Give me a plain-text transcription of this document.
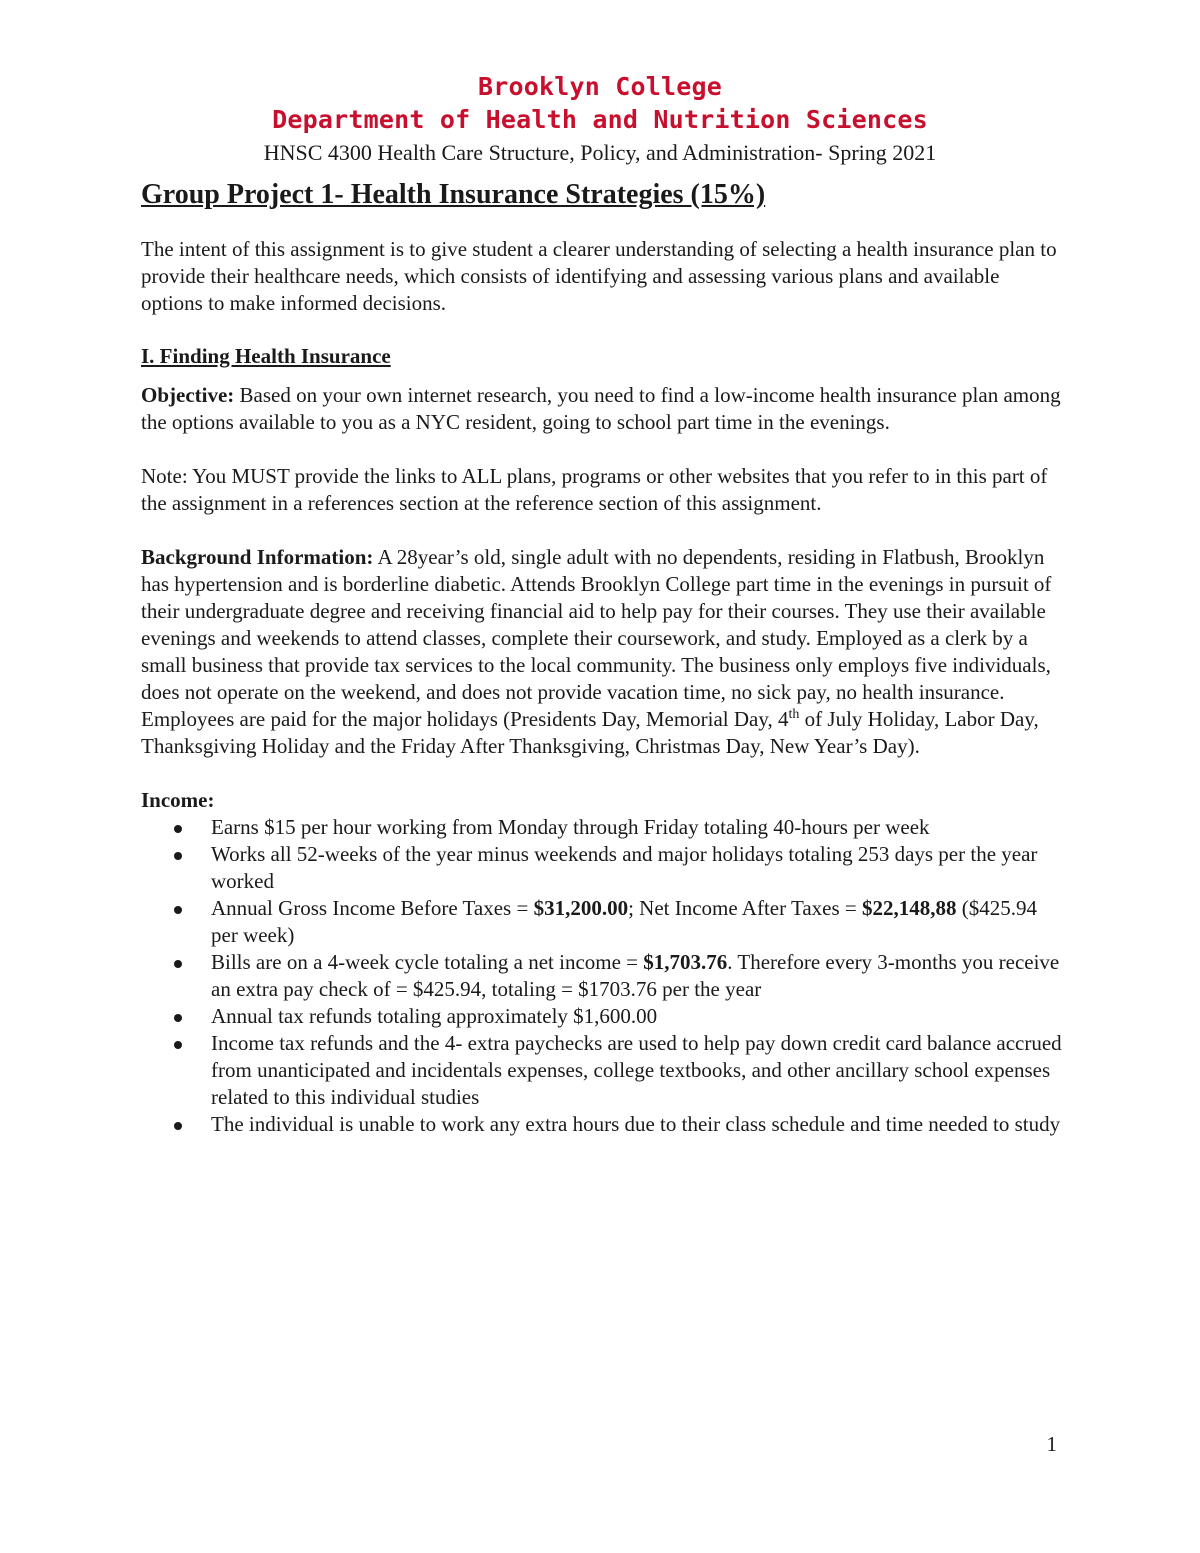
Brooklyn College
Department of Health and Nutrition Sciences
HNSC 4300 Health Care Structure, Policy, and Administration- Spring 2021
Group Project 1- Health Insurance Strategies (15%)

The intent of this assignment is to give student a clearer understanding of selecting a health insurance plan to provide their healthcare needs, which consists of identifying and assessing various plans and available options to make informed decisions.

I. Finding Health Insurance

Objective: Based on your own internet research, you need to find a low-income health insurance plan among the options available to you as a NYC resident, going to school part time in the evenings.

Note: You MUST provide the links to ALL plans, programs or other websites that you refer to in this part of the assignment in a references section at the reference section of this assignment.

Background Information: A 28year’s old, single adult with no dependents, residing in Flatbush, Brooklyn has hypertension and is borderline diabetic. Attends Brooklyn College part time in the evenings in pursuit of their undergraduate degree and receiving financial aid to help pay for their courses. They use their available evenings and weekends to attend classes, complete their coursework, and study. Employed as a clerk by a small business that provide tax services to the local community. The business only employs five individuals, does not operate on the weekend, and does not provide vacation time, no sick pay, no health insurance. Employees are paid for the major holidays (Presidents Day, Memorial Day, 4th of July Holiday, Labor Day, Thanksgiving Holiday and the Friday After Thanksgiving, Christmas Day, New Year’s Day).

Income:
Earns $15 per hour working from Monday through Friday totaling 40-hours per week
Works all 52-weeks of the year minus weekends and major holidays totaling 253 days per the year worked
Annual Gross Income Before Taxes = $31,200.00; Net Income After Taxes = $22,148,88 ($425.94 per week)
Bills are on a 4-week cycle totaling a net income = $1,703.76. Therefore every 3-months you receive an extra pay check of = $425.94, totaling = $1703.76 per the year
Annual tax refunds totaling approximately $1,600.00
Income tax refunds and the 4- extra paychecks are used to help pay down credit card balance accrued from unanticipated and incidentals expenses, college textbooks, and other ancillary school expenses related to this individual studies
The individual is unable to work any extra hours due to their class schedule and time needed to study
1
